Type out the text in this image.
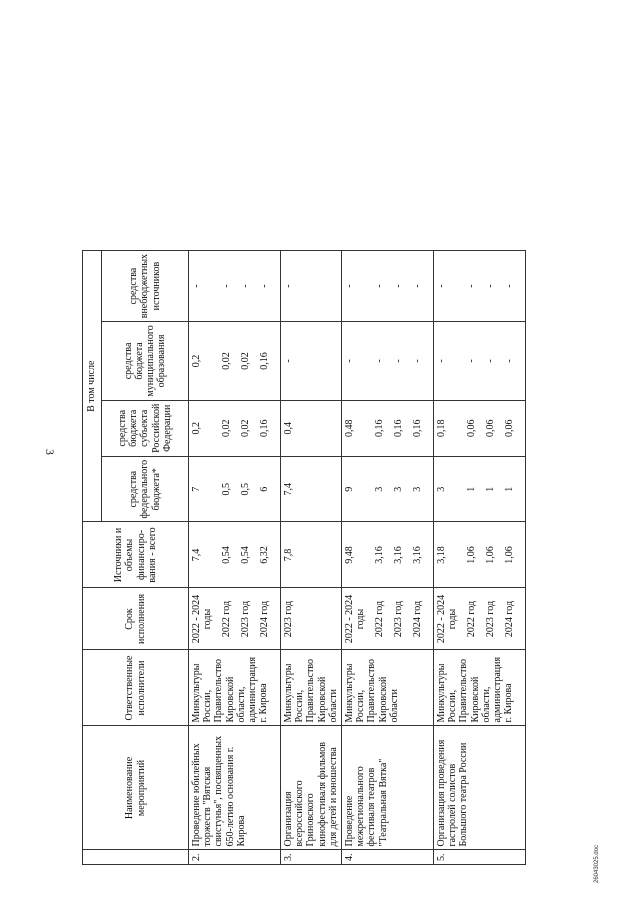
3
26043025.doc
	Наименование мероприятий	Ответственные исполнители	Срок исполнения	Источники и объемы финансиро-вания - всего	В том числе			
					средства федерального бюджета*	средства бюджета субъекта Российской Федерации	средства бюджета муниципального образования	средства внебюджетных источников
2.	Проведение юбилейных торжеств "Вятская свистунья", посвященных 650-летию основания г. Кирова	Минкультуры России, Правительство Кировской области, администрация г. Кирова	2022 - 2024 годы 2022 год 2023 год 2024 год	7,4 0,54 0,54 6,32	7 0,5 0,5 6	0,2 0,02 0,02 0,16	0,2 0,02 0,02 0,16	- - - -

3.	Организация всероссийского Гриновского кинофестиваля фильмов для детей и юношества	Минкультуры России, Правительство Кировской области	2023 год	7,8	7,4	0,4	-	-

4.	Проведение межрегионального фестиваля театров "Театральная Вятка"	Минкультуры России, Правительство Кировской области	2022 - 2024 годы 2022 год 2023 год 2024 год	9,48 3,16 3,16 3,16	9 3 3 3	0,48 0,16 0,16 0,16	- - - -	- - - -

5.	Организация проведения гастролей солистов Большого театра России	Минкультуры России, Правительство Кировской области, администрация г. Кирова	2022 - 2024 годы 2022 год 2023 год 2024 год	3,18 1,06 1,06 1,06	3 1 1 1	0,18 0,06 0,06 0,06	- - - -	- - - -
